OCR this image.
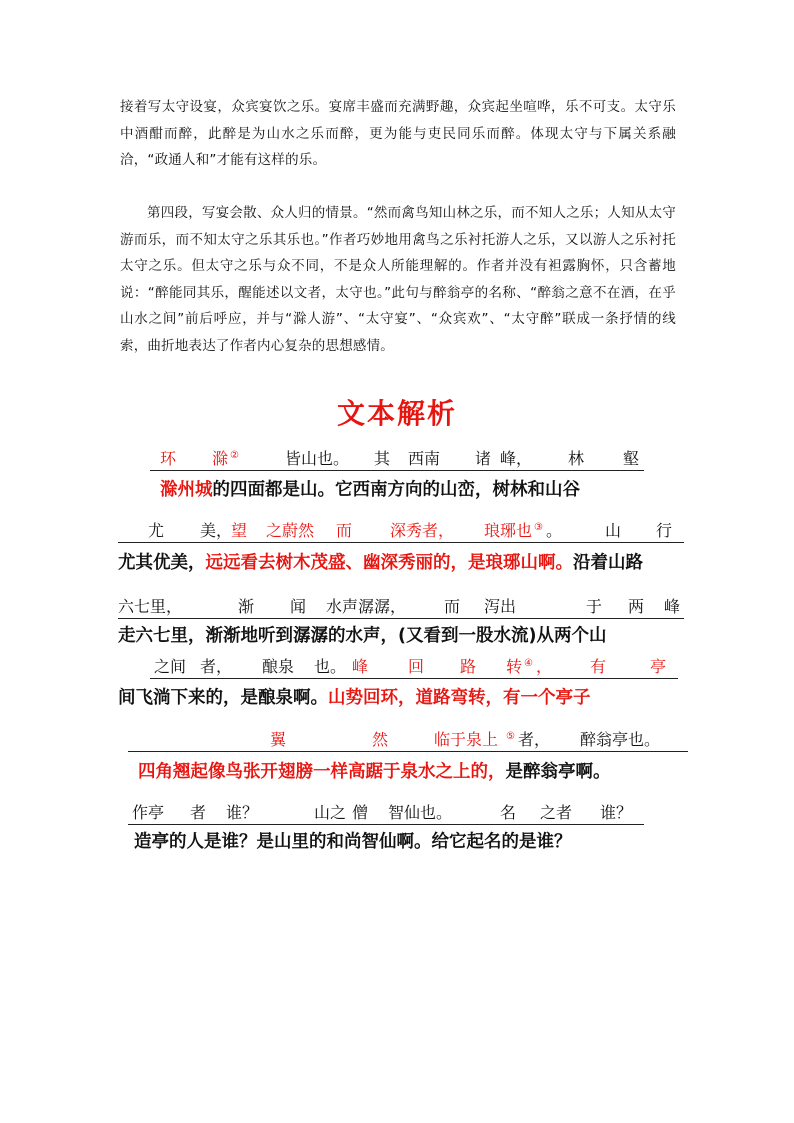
接着写太守设宴，众宾宴饮之乐。宴席丰盛而充满野趣，众宾起坐喧哗，乐不可支。太守乐中酒酣而醉，此醉是为山水之乐而醉，更为能与吏民同乐而醉。体现太守与下属关系融洽，“政通人和”才能有这样的乐。

第四段，写宴会散、众人归的情景。“然而禽鸟知山林之乐，而不知人之乐；人知从太守游而乐，而不知太守之乐其乐也。”作者巧妙地用禽鸟之乐衬托游人之乐，又以游人之乐衬托太守之乐。但太守之乐与众不同，不是众人所能理解的。作者并没有袒露胸怀，只含蓄地说：“醉能同其乐，醒能述以文者，太守也。”此句与醉翁亭的名称、“醉翁之意不在酒，在乎山水之间”前后呼应，并与“滁人游”、“太守宴”、“众宾欢”、“太守醉”联成一条抒情的线索，曲折地表达了作者内心复杂的思想感情。

文本解析
环 滁 ②	皆山也。 其 西南 诸 峰， 林 壑
滁州城的四面都是山。它西南方向的山峦，树林和山谷
尤 美，
望 之蔚然 而 深秀者， 琅琊也 ③ 。	山 行
尤其优美，远远看去树木茂盛、幽深秀丽的，是琅琊山啊。沿着山路
六七里，	渐 闻 水声潺潺， 而 泻出	于 两 峰
走六七里，渐渐地听到潺潺的水声，(又看到一股水流)从两个山
之间 者， 酿泉 也。 峰 回 路 转 ④ ， 有	亭
间飞淌下来的，是酿泉啊。山势回环，道路弯转，有一个亭子
翼	然	临于泉上 ⑤ 者， 醉翁亭也。
四角翘起像鸟张开翅膀一样高踞于泉水之上的，是醉翁亭啊。
作亭 者 谁？	山之 僧 智仙也。	名 之者 谁？
造亭的人是谁？是山里的和尚智仙啊。给它起名的是谁？
